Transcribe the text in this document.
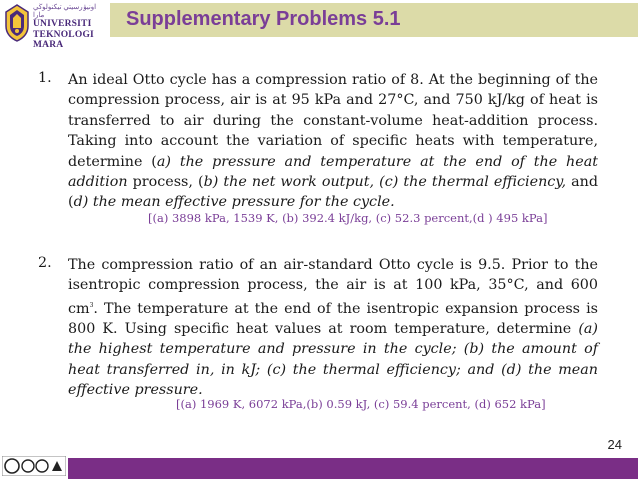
اونيۏرسيتي تيكنولوڬي مارا
UNIVERSITI
TEKNOLOGI
MARA
Supplementary Problems 5.1
1. An ideal Otto cycle has a compression ratio of 8. At the beginning of the compression process, air is at 95 kPa and 27°C, and 750 kJ/kg of heat is transferred to air during the constant-volume heat-addition process. Taking into account the variation of specific heats with temperature, determine (a) the pressure and temperature at the end of the heat addition process, (b) the net work output, (c) the thermal efficiency, and (d) the mean effective pressure for the cycle.
[(a) 3898 kPa, 1539 K, (b) 392.4 kJ/kg, (c) 52.3 percent,(d ) 495 kPa]
2. The compression ratio of an air-standard Otto cycle is 9.5. Prior to the isentropic compression process, the air is at 100 kPa, 35°C, and 600 $cm^3$. The temperature at the end of the isentropic expansion process is 800 K. Using specific heat values at room temperature, determine (a) the highest temperature and pressure in the cycle; (b) the amount of heat transferred in, in kJ; (c) the thermal efficiency; and (d) the mean effective pressure.
[(a) 1969 K, 6072 kPa,(b) 0.59 kJ, (c) 59.4 percent, (d) 652 kPa]
24
